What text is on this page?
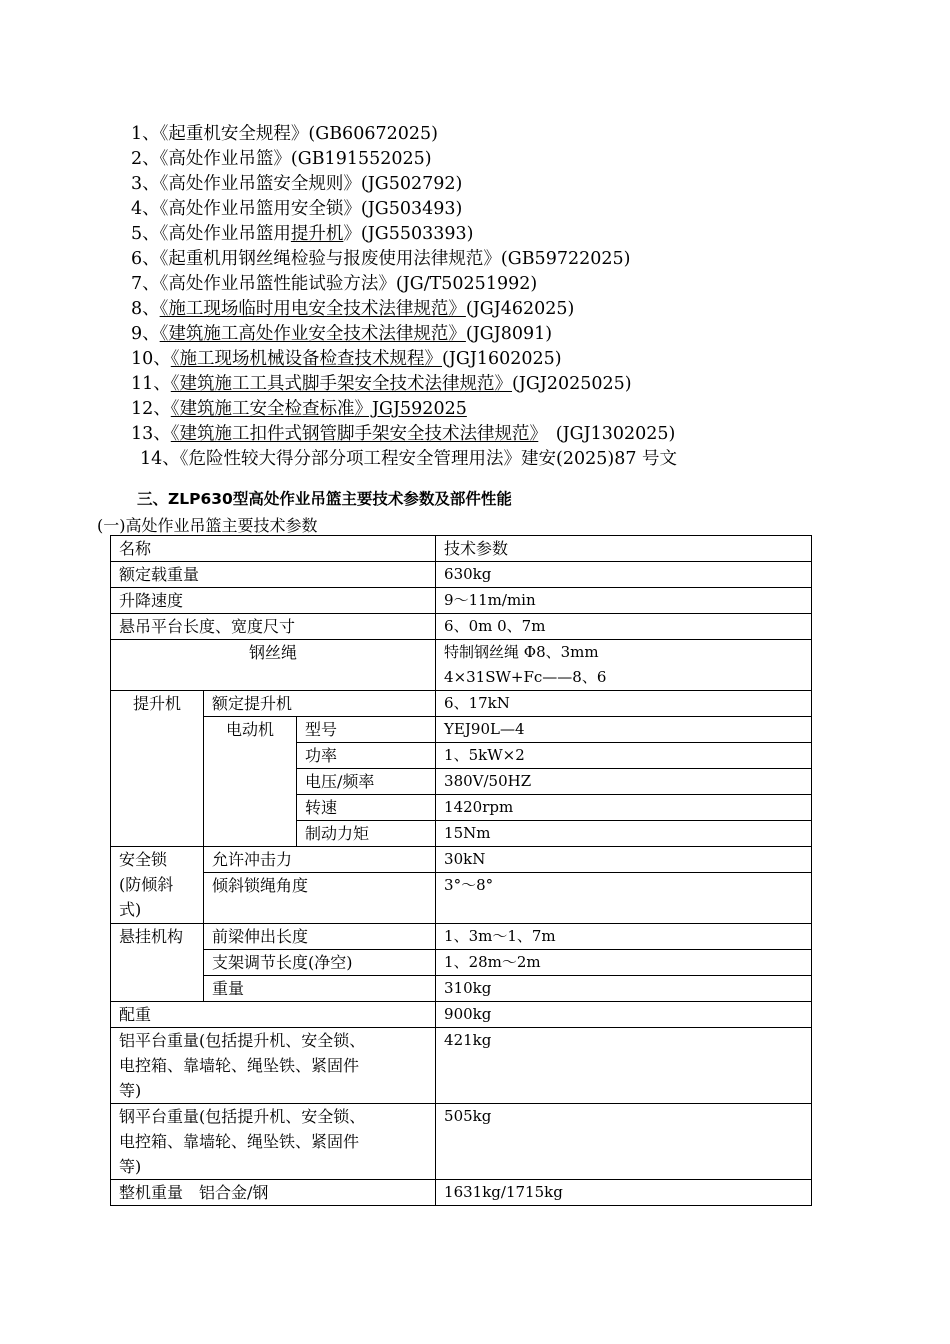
1、《起重机安全规程》(GB60672025)
2、《高处作业吊篮》(GB191552025)
3、《高处作业吊篮安全规则》(JG502792)
4、《高处作业吊篮用安全锁》(JG503493)
5、《高处作业吊篮用提升机》(JG5503393)
6、《起重机用钢丝绳检验与报废使用法律规范》(GB59722025)
7、《高处作业吊篮性能试验方法》(JG/T50251992)
8、《施工现场临时用电安全技术法律规范》(JGJ462025)
9、《建筑施工高处作业安全技术法律规范》(JGJ8091)
10、《施工现场机械设备检查技术规程》(JGJ1602025)
11、《建筑施工工具式脚手架安全技术法律规范》(JGJ2025025)
12、《建筑施工安全检查标准》JGJ592025
13、《建筑施工扣件式钢管脚手架安全技术法律规范》　 (JGJ1302025)
14、《危险性较大得分部分项工程安全管理用法》建安(2025)87 号文
三、ZLP630型高处作业吊篮主要技术参数及部件性能
(一)高处作业吊篮主要技术参数
名称			技术参数
额定载重量			630kg
升降速度			9～11m/min
悬吊平台长度、宽度尺寸			6、0m 0、7m
钢丝绳			特制钢丝绳 Φ8、3mm
4×31SW+Fc——8、6

提升机	额定提升机		6、17kN
	电动机	型号	YEJ90L—4
		功率	1、5kW×2
		电压/频率	380V/50HZ
		转速	1420rpm
		制动力矩	15Nm

安全锁
(防倾斜
式)	允许冲击力		30kN
	倾斜锁绳角度		3°～8°
悬挂机构	前梁伸出长度		1、3m～1、7m
	支架调节长度(净空)		1、28m～2m
	重量		310kg
配重			900kg

铝平台重量(包括提升机、安全锁、
电控箱、靠墙轮、绳坠铁、紧固件
等)			421kg

钢平台重量(包括提升机、安全锁、
电控箱、靠墙轮、绳坠铁、紧固件
等)			505kg
整机重量　铝合金/钢			1631kg/1715kg
